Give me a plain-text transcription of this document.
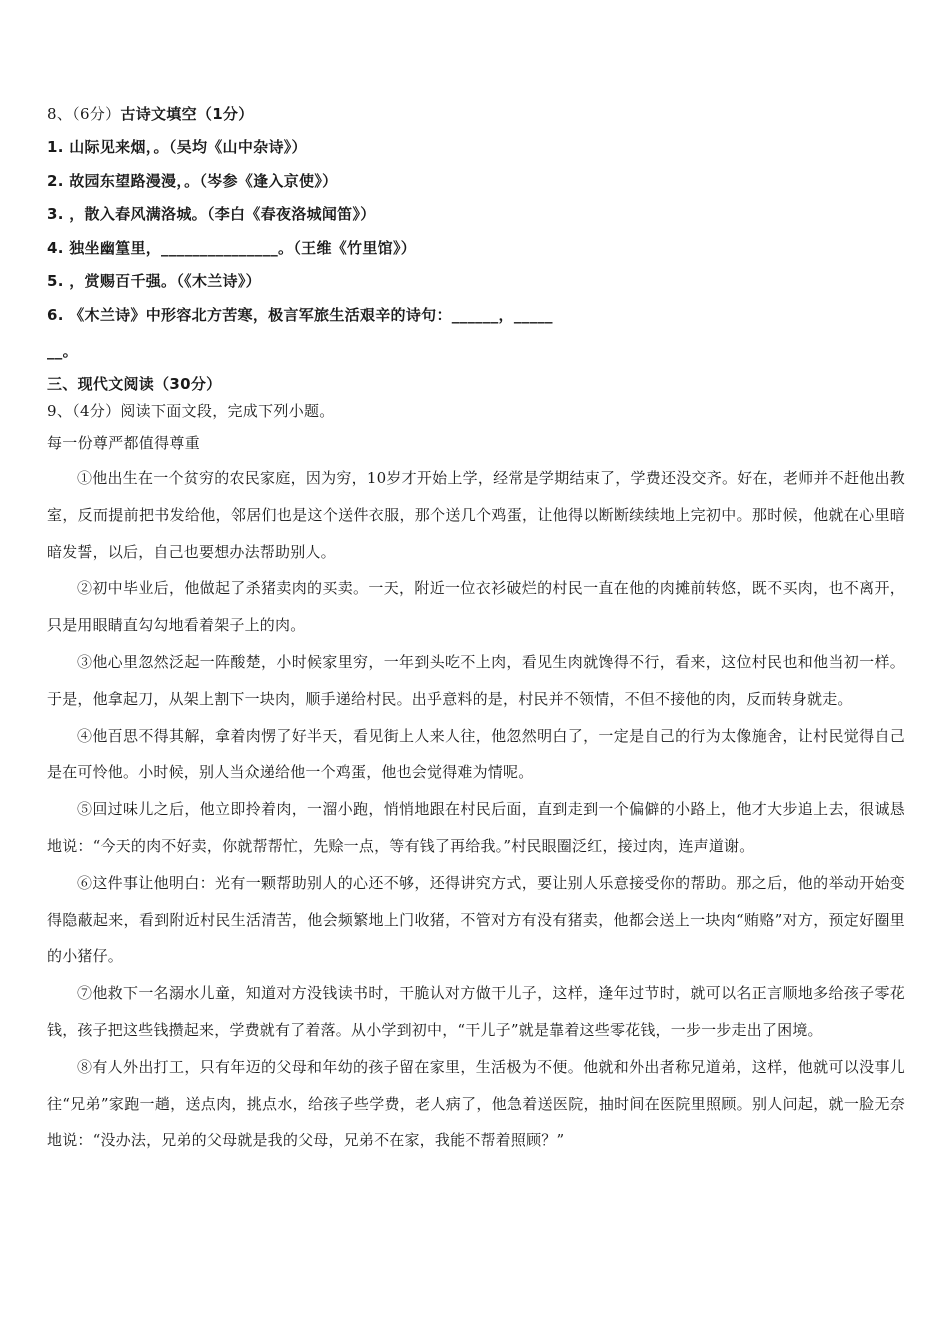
8、（6分）古诗文填空（1分）
1. 山际见来烟，。（吴均《山中杂诗》）
2. 故园东望路漫漫，。（岑参《逢入京使》）
3. ，散入春风满洛城。（李白《春夜洛城闻笛》）
4. 独坐幽篁里，_______________。（王维《竹里馆》）
5. ，赏赐百千强。（《木兰诗》）
6. 《木兰诗》中形容北方苦寒，极言军旅生活艰辛的诗句：______，_____
__。
三、现代文阅读（30分）
9、（4分）阅读下面文段，完成下列小题。
每一份尊严都值得尊重

①他出生在一个贫穷的农民家庭，因为穷，10岁才开始上学，经常是学期结束了，学费还没交齐。好在，老师并不赶他出教室，反而提前把书发给他，邻居们也是这个送件衣服，那个送几个鸡蛋，让他得以断断续续地上完初中。那时候，他就在心里暗暗发誓，以后，自己也要想办法帮助别人。

②初中毕业后，他做起了杀猪卖肉的买卖。一天，附近一位衣衫破烂的村民一直在他的肉摊前转悠，既不买肉，也不离开，只是用眼睛直勾勾地看着架子上的肉。

③他心里忽然泛起一阵酸楚，小时候家里穷，一年到头吃不上肉，看见生肉就馋得不行，看来，这位村民也和他当初一样。于是，他拿起刀，从架上割下一块肉，顺手递给村民。出乎意料的是，村民并不领情，不但不接他的肉，反而转身就走。

④他百思不得其解，拿着肉愣了好半天，看见街上人来人往，他忽然明白了，一定是自己的行为太像施舍，让村民觉得自己是在可怜他。小时候，别人当众递给他一个鸡蛋，他也会觉得难为情呢。

⑤回过味儿之后，他立即拎着肉，一溜小跑，悄悄地跟在村民后面，直到走到一个偏僻的小路上，他才大步追上去，很诚恳地说：“今天的肉不好卖，你就帮帮忙，先赊一点，等有钱了再给我。”村民眼圈泛红，接过肉，连声道谢。

⑥这件事让他明白：光有一颗帮助别人的心还不够，还得讲究方式，要让别人乐意接受你的帮助。那之后，他的举动开始变得隐蔽起来，看到附近村民生活清苦，他会频繁地上门收猪，不管对方有没有猪卖，他都会送上一块肉“贿赂”对方，预定好圈里的小猪仔。

⑦他救下一名溺水儿童，知道对方没钱读书时，干脆认对方做干儿子，这样，逢年过节时，就可以名正言顺地多给孩子零花钱，孩子把这些钱攒起来，学费就有了着落。从小学到初中，“干儿子”就是靠着这些零花钱，一步一步走出了困境。

⑧有人外出打工，只有年迈的父母和年幼的孩子留在家里，生活极为不便。他就和外出者称兄道弟，这样，他就可以没事儿往“兄弟”家跑一趟，送点肉，挑点水，给孩子些学费，老人病了，他急着送医院，抽时间在医院里照顾。别人问起，就一脸无奈地说：“没办法，兄弟的父母就是我的父母，兄弟不在家，我能不帮着照顾？”
